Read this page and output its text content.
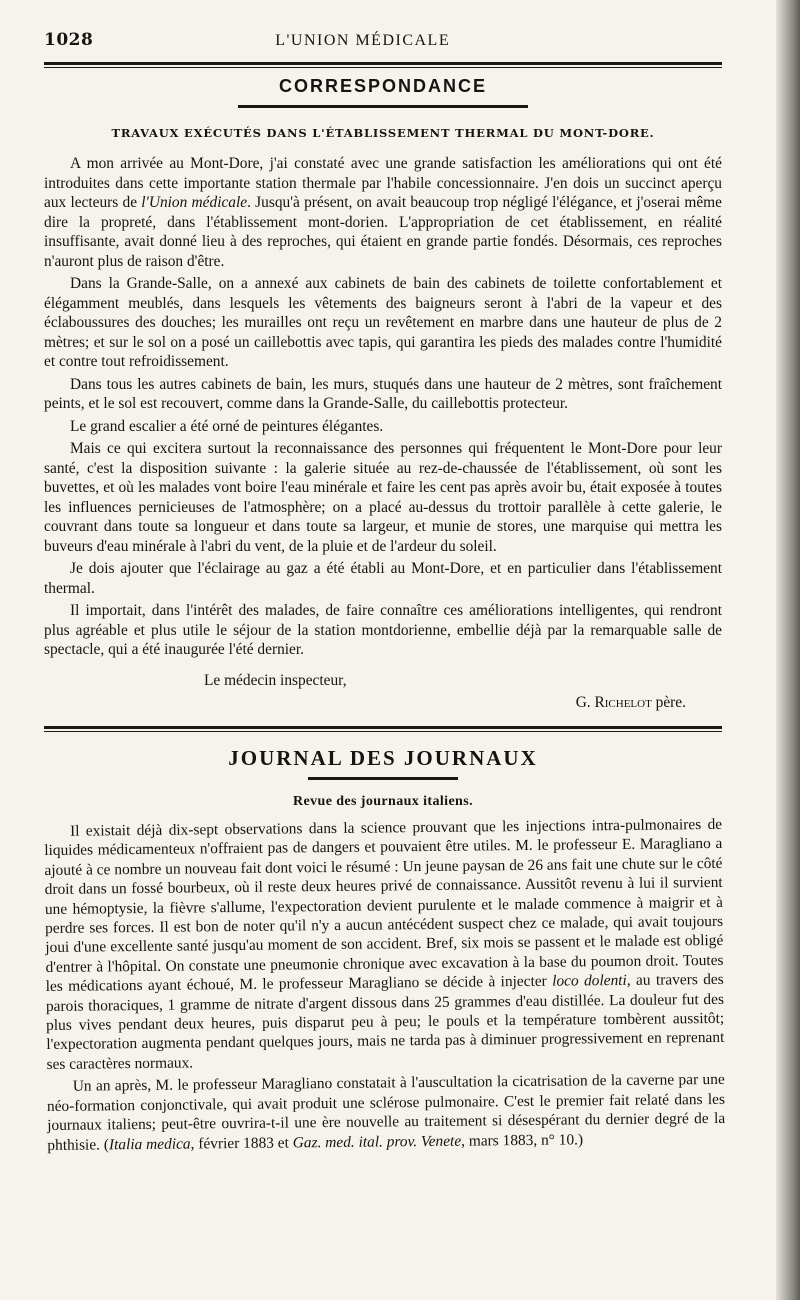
1028	L'UNION MÉDICALE
CORRESPONDANCE
TRAVAUX EXÉCUTÉS DANS L'ÉTABLISSEMENT THERMAL DU MONT-DORE.

A mon arrivée au Mont-Dore, j'ai constaté avec une grande satisfaction les améliorations qui ont été introduites dans cette importante station thermale par l'habile concessionnaire. J'en dois un succinct aperçu aux lecteurs de l'Union médicale. Jusqu'à présent, on avait beaucoup trop négligé l'élégance, et j'oserai même dire la propreté, dans l'établissement mont-dorien. L'appropriation de cet établissement, en réalité insuffisante, avait donné lieu à des reproches, qui étaient en grande partie fondés. Désormais, ces reproches n'auront plus de raison d'être.

Dans la Grande-Salle, on a annexé aux cabinets de bain des cabinets de toilette confortablement et élégamment meublés, dans lesquels les vêtements des baigneurs seront à l'abri de la vapeur et des éclaboussures des douches; les murailles ont reçu un revêtement en marbre dans une hauteur de plus de 2 mètres; et sur le sol on a posé un caillebottis avec tapis, qui garantira les pieds des malades contre l'humidité et contre tout refroidissement.

Dans tous les autres cabinets de bain, les murs, stuqués dans une hauteur de 2 mètres, sont fraîchement peints, et le sol est recouvert, comme dans la Grande-Salle, du caillebottis protecteur.

Le grand escalier a été orné de peintures élégantes.

Mais ce qui excitera surtout la reconnaissance des personnes qui fréquentent le Mont-Dore pour leur santé, c'est la disposition suivante : la galerie située au rez-de-chaussée de l'établissement, où sont les buvettes, et où les malades vont boire l'eau minérale et faire les cent pas après avoir bu, était exposée à toutes les influences pernicieuses de l'atmosphère; on a placé au-dessus du trottoir parallèle à cette galerie, le couvrant dans toute sa longueur et dans toute sa largeur, et munie de stores, une marquise qui mettra les buveurs d'eau minérale à l'abri du vent, de la pluie et de l'ardeur du soleil.

Je dois ajouter que l'éclairage au gaz a été établi au Mont-Dore, et en particulier dans l'établissement thermal.

Il importait, dans l'intérêt des malades, de faire connaître ces améliorations intelligentes, qui rendront plus agréable et plus utile le séjour de la station montdorienne, embellie déjà par la remarquable salle de spectacle, qui a été inaugurée l'été dernier.

Le médecin inspecteur,
G. Richelot père.
JOURNAL DES JOURNAUX
Revue des journaux italiens.

Il existait déjà dix-sept observations dans la science prouvant que les injections intra-pulmonaires de liquides médicamenteux n'offraient pas de dangers et pouvaient être utiles. M. le professeur E. Maragliano a ajouté à ce nombre un nouveau fait dont voici le résumé : Un jeune paysan de 26 ans fait une chute sur le côté droit dans un fossé bourbeux, où il reste deux heures privé de connaissance. Aussitôt revenu à lui il survient une hémoptysie, la fièvre s'allume, l'expectoration devient purulente et le malade commence à maigrir et à perdre ses forces. Il est bon de noter qu'il n'y a aucun antécédent suspect chez ce malade, qui avait toujours joui d'une excellente santé jusqu'au moment de son accident. Bref, six mois se passent et le malade est obligé d'entrer à l'hôpital. On constate une pneumonie chronique avec excavation à la base du poumon droit. Toutes les médications ayant échoué, M. le professeur Maragliano se décide à injecter loco dolenti, au travers des parois thoraciques, 1 gramme de nitrate d'argent dissous dans 25 grammes d'eau distillée. La douleur fut des plus vives pendant deux heures, puis disparut peu à peu; le pouls et la température tombèrent aussitôt; l'expectoration augmenta pendant quelques jours, mais ne tarda pas à diminuer progressivement en reprenant ses caractères normaux.

Un an après, M. le professeur Maragliano constatait à l'auscultation la cicatrisation de la caverne par une néo-formation conjonctivale, qui avait produit une sclérose pulmonaire. C'est le premier fait relaté dans les journaux italiens; peut-être ouvrira-t-il une ère nouvelle au traitement si désespérant du dernier degré de la phthisie. (Italia medica, février 1883 et Gaz. med. ital. prov. Venete, mars 1883, n° 10.)
